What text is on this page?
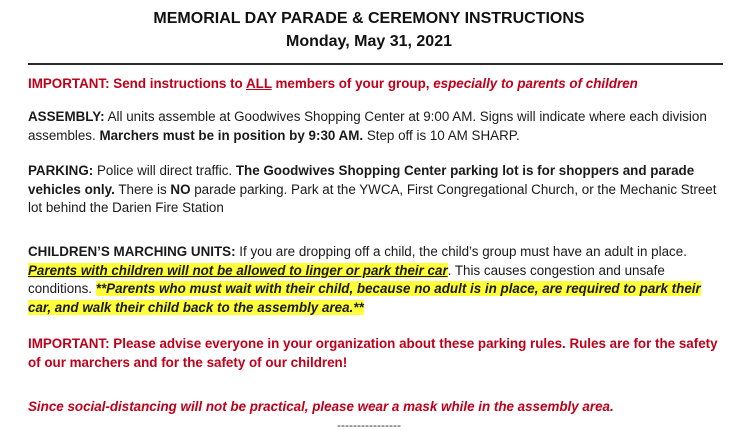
MEMORIAL DAY PARADE & CEREMONY INSTRUCTIONS
Monday, May 31, 2021
IMPORTANT: Send instructions to ALL members of your group, especially to parents of children
ASSEMBLY: All units assemble at Goodwives Shopping Center at 9:00 AM. Signs will indicate where each division assembles. Marchers must be in position by 9:30 AM. Step off is 10 AM SHARP.
PARKING: Police will direct traffic. The Goodwives Shopping Center parking lot is for shoppers and parade vehicles only. There is NO parade parking. Park at the YWCA, First Congregational Church, or the Mechanic Street lot behind the Darien Fire Station
CHILDREN’S MARCHING UNITS: If you are dropping off a child, the child’s group must have an adult in place. Parents with children will not be allowed to linger or park their car. This causes congestion and unsafe conditions. **Parents who must wait with their child, because no adult is in place, are required to park their car, and walk their child back to the assembly area.**
IMPORTANT: Please advise everyone in your organization about these parking rules. Rules are for the safety of our marchers and for the safety of our children!
Since social-distancing will not be practical, please wear a mask while in the assembly area.
----------------
